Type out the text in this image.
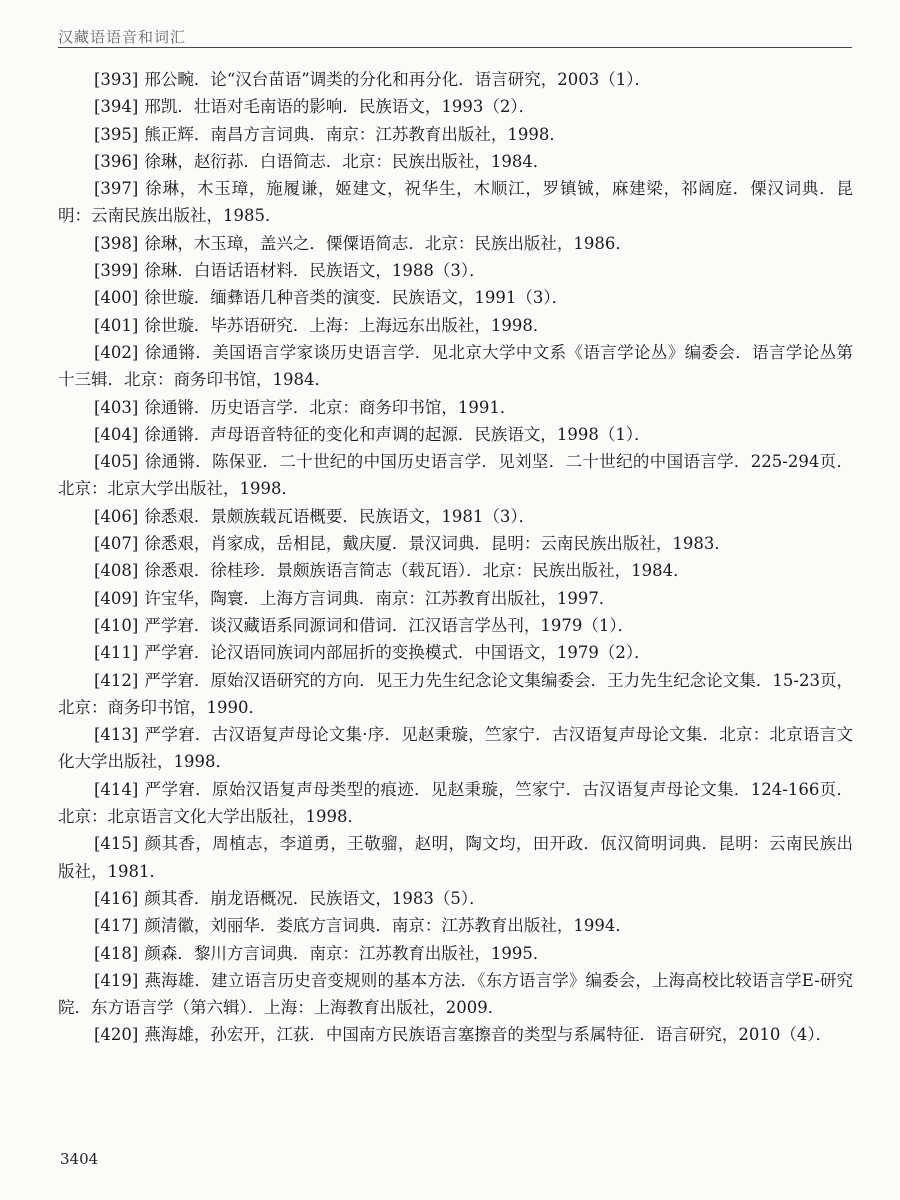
汉藏语语音和词汇
[393] 邢公畹．论“汉台苗语”调类的分化和再分化．语言研究，2003（1）．
[394] 邢凯．壮语对毛南语的影响．民族语文，1993（2）．
[395] 熊正辉．南昌方言词典．南京：江苏教育出版社，1998．
[396] 徐琳，赵衍荪．白语简志．北京：民族出版社，1984．
[397] 徐琳，木玉璋，施履谦，姬建文，祝华生，木顺江，罗镇铖，麻建梁，祁阔庭．傈汉词典．昆明：云南民族出版社，1985．
[398] 徐琳，木玉璋，盖兴之．傈僳语简志．北京：民族出版社，1986．
[399] 徐琳．白语话语材料．民族语文，1988（3）．
[400] 徐世璇．缅彝语几种音类的演变．民族语文，1991（3）．
[401] 徐世璇．毕苏语研究．上海：上海远东出版社，1998．
[402] 徐通锵．美国语言学家谈历史语言学．见北京大学中文系《语言学论丛》编委会．语言学论丛第十三辑．北京：商务印书馆，1984．
[403] 徐通锵．历史语言学．北京：商务印书馆，1991．
[404] 徐通锵．声母语音特征的变化和声调的起源．民族语文，1998（1）．
[405] 徐通锵．陈保亚．二十世纪的中国历史语言学．见刘坚．二十世纪的中国语言学．225-294页．北京：北京大学出版社，1998．
[406] 徐悉艰．景颇族载瓦语概要．民族语文，1981（3）．
[407] 徐悉艰，肖家成，岳相昆，戴庆厦．景汉词典．昆明：云南民族出版社，1983．
[408] 徐悉艰．徐桂珍．景颇族语言简志（载瓦语）．北京：民族出版社，1984．
[409] 许宝华，陶寰．上海方言词典．南京：江苏教育出版社，1997．
[410] 严学宭．谈汉藏语系同源词和借词．江汉语言学丛刊，1979（1）．
[411] 严学宭．论汉语同族词内部屈折的变换模式．中国语文，1979（2）．
[412] 严学宭．原始汉语研究的方向．见王力先生纪念论文集编委会．王力先生纪念论文集．15-23页，北京：商务印书馆，1990．
[413] 严学宭．古汉语复声母论文集·序．见赵秉璇，竺家宁．古汉语复声母论文集．北京：北京语言文化大学出版社，1998．
[414] 严学宭．原始汉语复声母类型的痕迹．见赵秉璇，竺家宁．古汉语复声母论文集．124-166页．北京：北京语言文化大学出版社，1998．
[415] 颜其香，周植志，李道勇，王敬骝，赵明，陶文均，田开政．佤汉简明词典．昆明：云南民族出版社，1981．
[416] 颜其香．崩龙语概况．民族语文，1983（5）．
[417] 颜清徽，刘丽华．娄底方言词典．南京：江苏教育出版社，1994．
[418] 颜森．黎川方言词典．南京：江苏教育出版社，1995．
[419] 燕海雄．建立语言历史音变规则的基本方法．《东方语言学》编委会，上海高校比较语言学E-研究院．东方语言学（第六辑）．上海：上海教育出版社，2009．
[420] 燕海雄，孙宏开，江荻．中国南方民族语言塞擦音的类型与系属特征．语言研究，2010（4）．
3404
